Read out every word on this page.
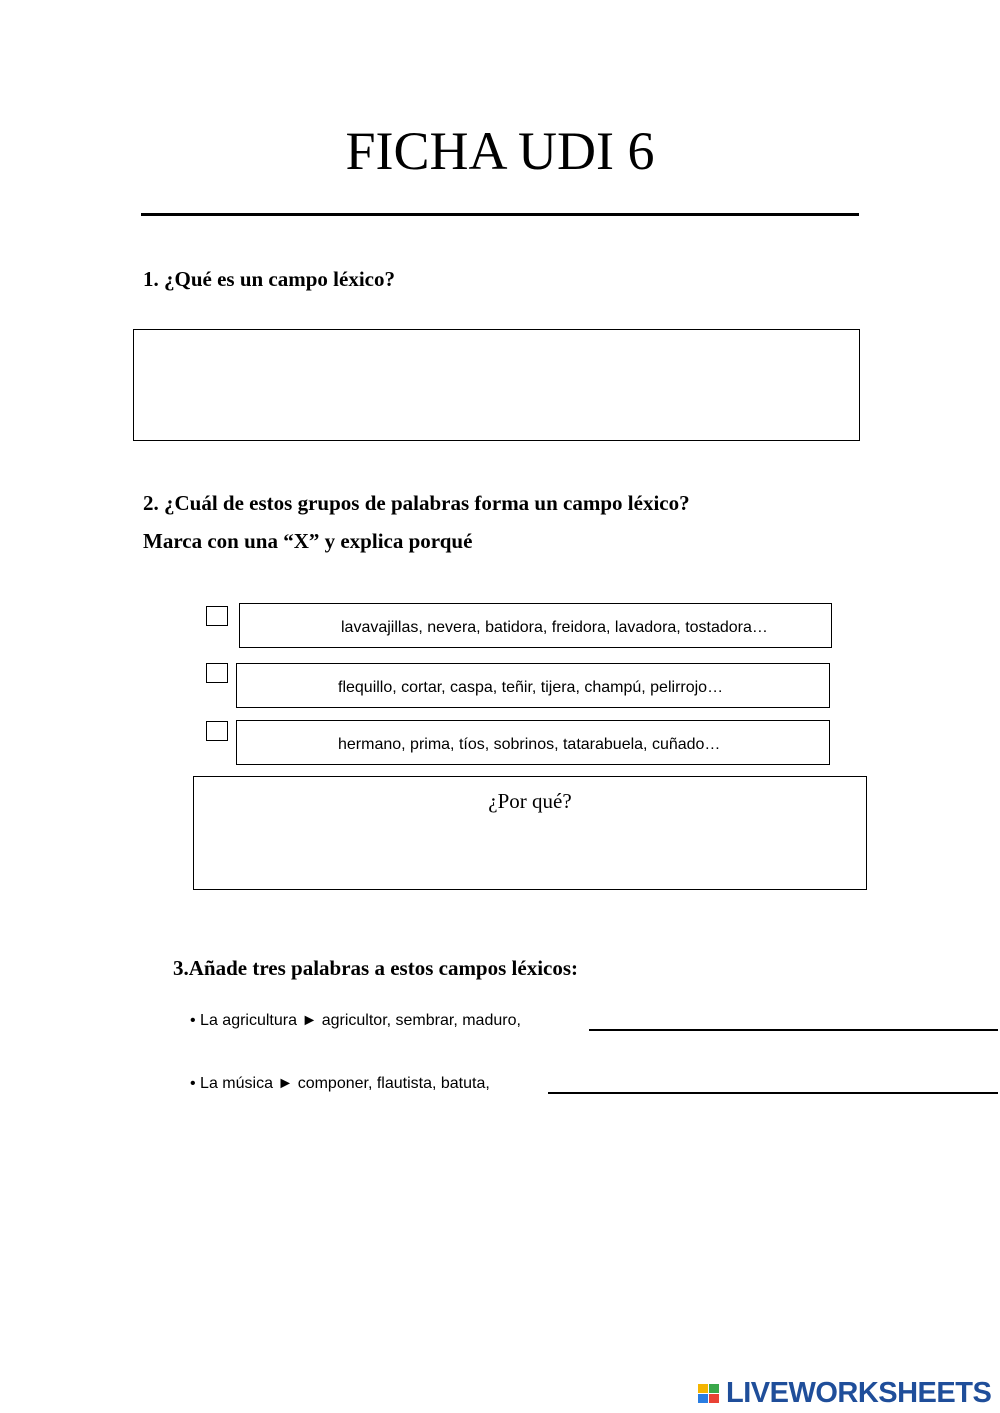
FICHA UDI 6
1. ¿Qué es un campo léxico?
2. ¿Cuál de estos grupos de palabras forma un campo léxico?
Marca con una “X” y explica porqué
lavavajillas, nevera, batidora, freidora, lavadora, tostadora…
flequillo, cortar, caspa, teñir, tijera, champú, pelirrojo…
hermano, prima, tíos, sobrinos, tatarabuela, cuñado…
¿Por qué?
3.Añade tres palabras a estos campos léxicos:
• La agricultura ► agricultor, sembrar, maduro,
• La música ► componer, flautista, batuta,
LIVEWORKSHEETS
